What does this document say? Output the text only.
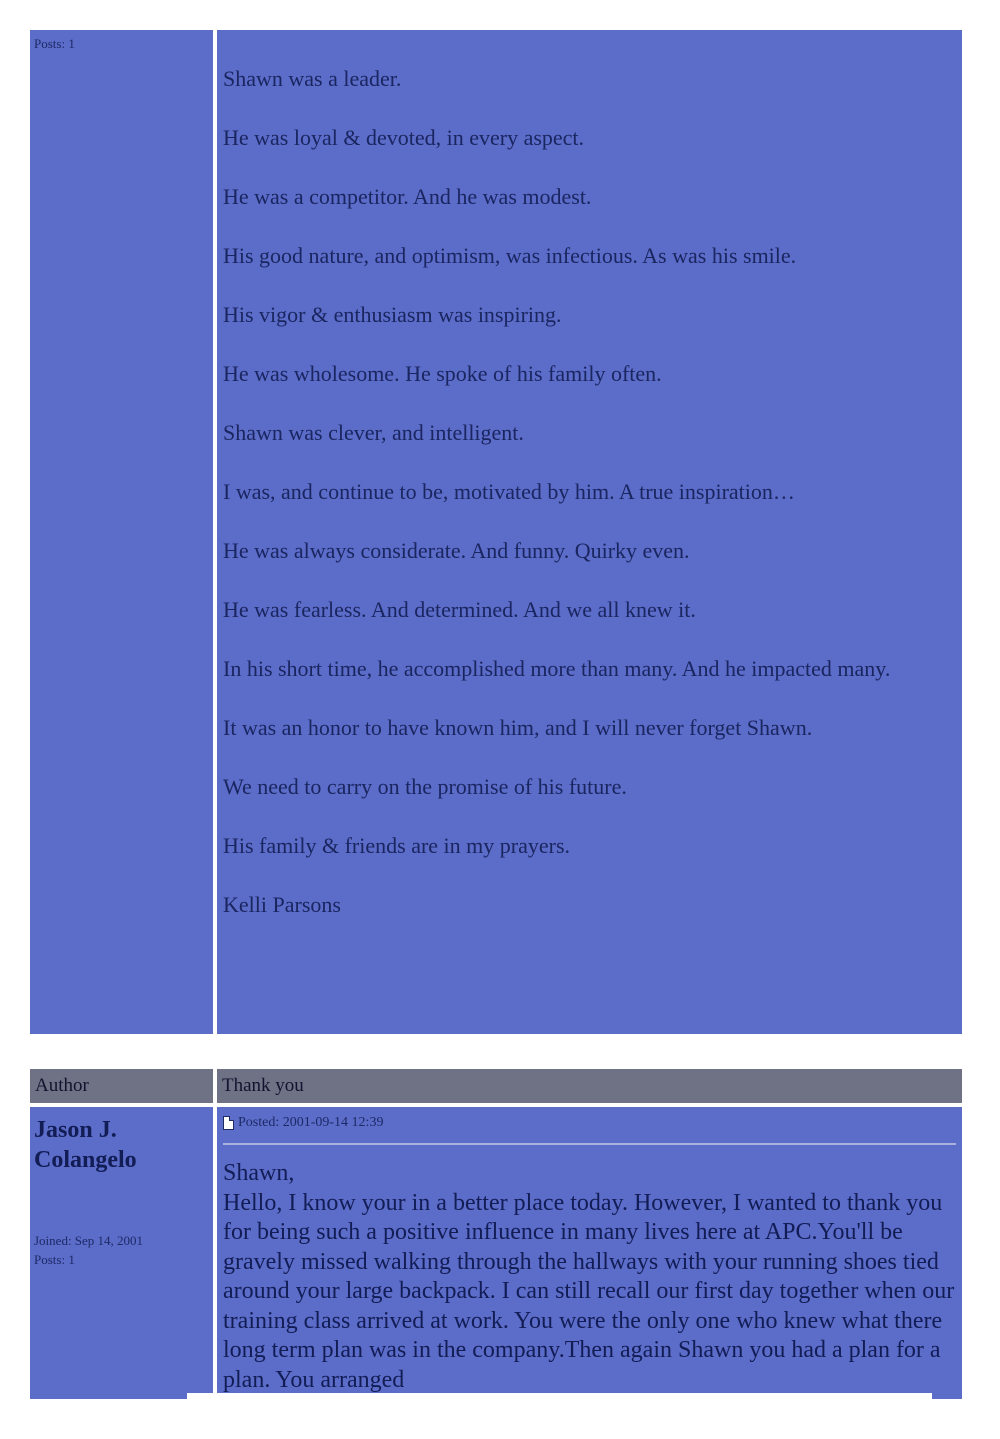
Posts: 1
Shawn was a leader.
He was loyal & devoted, in every aspect.
He was a competitor. And he was modest.
His good nature, and optimism, was infectious. As was his smile.
His vigor & enthusiasm was inspiring.
He was wholesome. He spoke of his family often.
Shawn was clever, and intelligent.
I was, and continue to be, motivated by him. A true inspiration…
He was always considerate. And funny. Quirky even.
He was fearless. And determined. And we all knew it.
In his short time, he accomplished more than many. And he impacted many.
It was an honor to have known him, and I will never forget Shawn.
We need to carry on the promise of his future.
His family & friends are in my prayers.
Kelli Parsons
Author	Thank you
Jason J. Colangelo
Joined: Sep 14, 2001
Posts: 1
Posted: 2001-09-14 12:39
Shawn,
Hello, I know your in a better place today. However, I wanted to thank you for being such a positive influence in many lives here at APC.You'll be gravely missed walking through the hallways with your running shoes tied around your large backpack. I can still recall our first day together when our training class arrived at work. You were the only one who knew what there long term plan was in the company.Then again Shawn you had a plan for a plan. You arranged
